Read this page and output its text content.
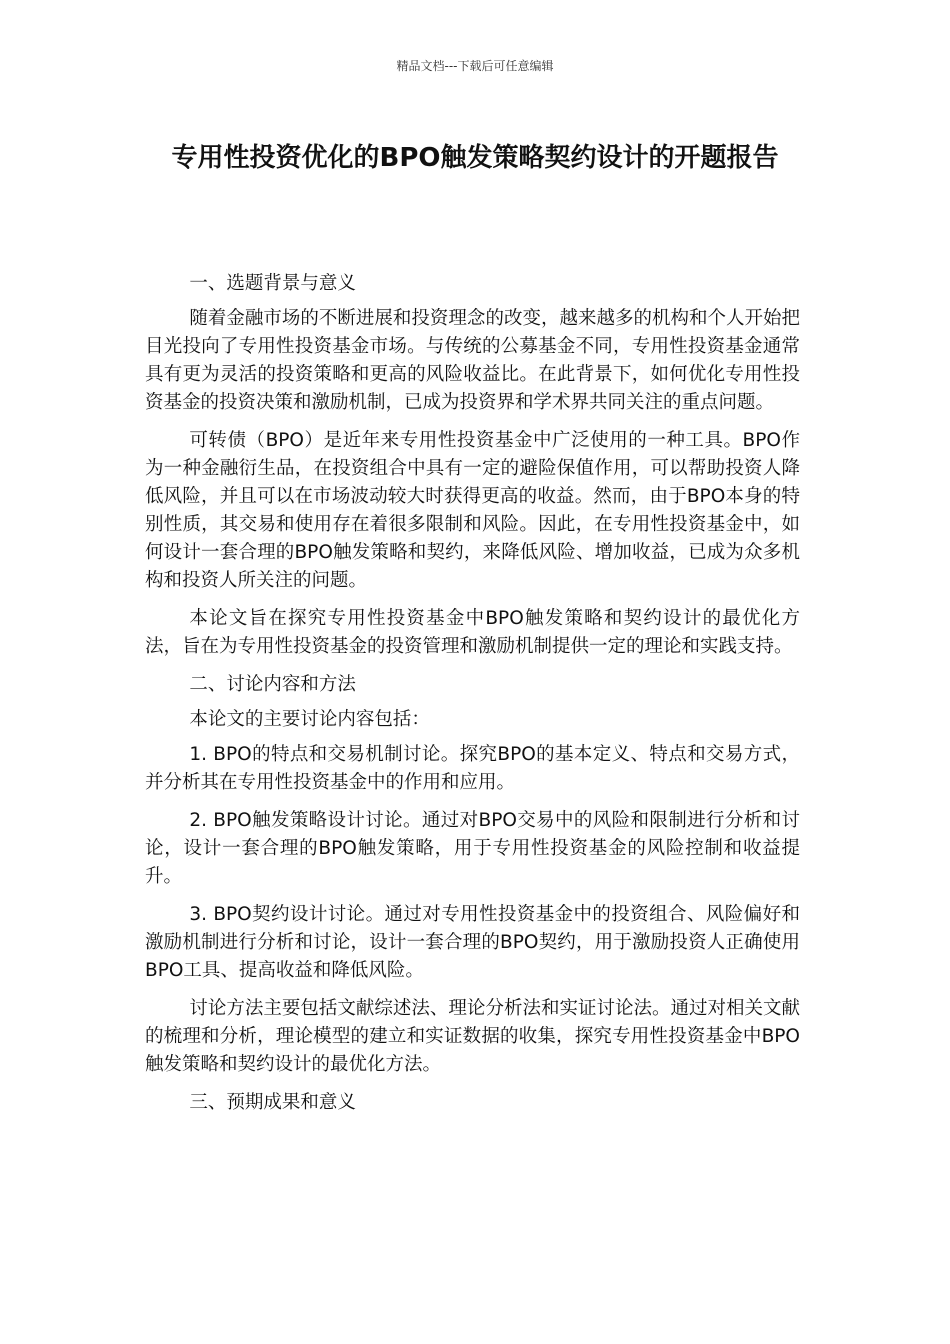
精品文档---下载后可任意编辑
专用性投资优化的BPO触发策略契约设计的开题报告

一、选题背景与意义

随着金融市场的不断进展和投资理念的改变，越来越多的机构和个人开始把目光投向了专用性投资基金市场。与传统的公募基金不同，专用性投资基金通常具有更为灵活的投资策略和更高的风险收益比。在此背景下，如何优化专用性投资基金的投资决策和激励机制，已成为投资界和学术界共同关注的重点问题。

可转债（BPO）是近年来专用性投资基金中广泛使用的一种工具。BPO作为一种金融衍生品，在投资组合中具有一定的避险保值作用，可以帮助投资人降低风险，并且可以在市场波动较大时获得更高的收益。然而，由于BPO本身的特别性质，其交易和使用存在着很多限制和风险。因此，在专用性投资基金中，如何设计一套合理的BPO触发策略和契约，来降低风险、增加收益，已成为众多机构和投资人所关注的问题。

本论文旨在探究专用性投资基金中BPO触发策略和契约设计的最优化方法，旨在为专用性投资基金的投资管理和激励机制提供一定的理论和实践支持。

二、讨论内容和方法

本论文的主要讨论内容包括：

1. BPO的特点和交易机制讨论。探究BPO的基本定义、特点和交易方式，并分析其在专用性投资基金中的作用和应用。

2. BPO触发策略设计讨论。通过对BPO交易中的风险和限制进行分析和讨论，设计一套合理的BPO触发策略，用于专用性投资基金的风险控制和收益提升。

3. BPO契约设计讨论。通过对专用性投资基金中的投资组合、风险偏好和激励机制进行分析和讨论，设计一套合理的BPO契约，用于激励投资人正确使用BPO工具、提高收益和降低风险。

讨论方法主要包括文献综述法、理论分析法和实证讨论法。通过对相关文献的梳理和分析，理论模型的建立和实证数据的收集，探究专用性投资基金中BPO触发策略和契约设计的最优化方法。

三、预期成果和意义
